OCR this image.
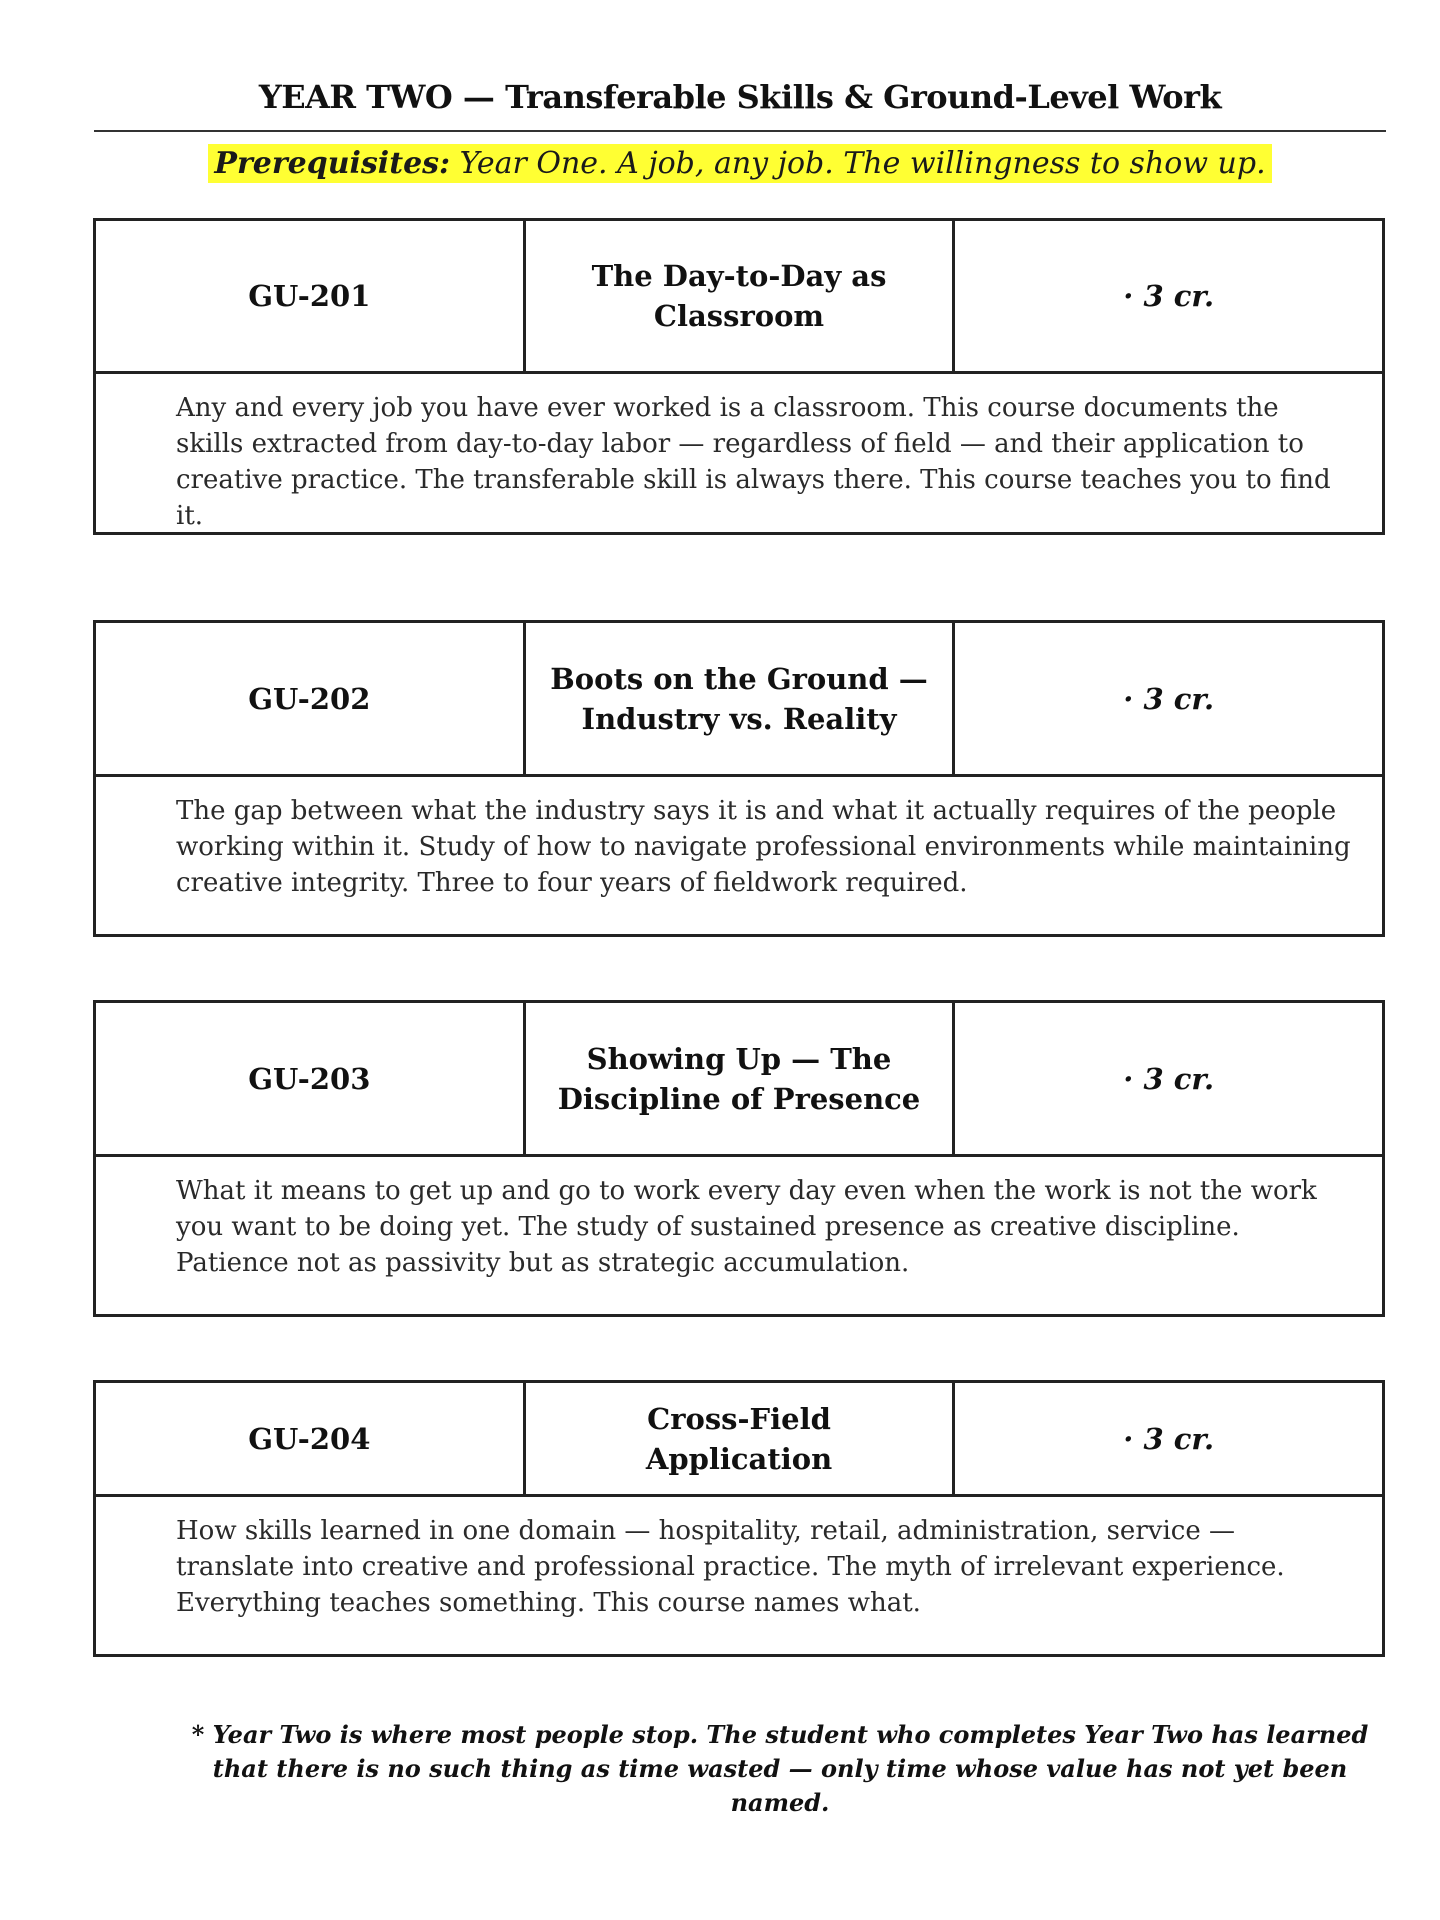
YEAR TWO — Transferable Skills & Ground-Level Work
Prerequisites: Year One. A job, any job. The willingness to show up.
GU-201
The Day-to-Day as Classroom
· 3 cr.
Any and every job you have ever worked is a classroom. This course documents the skills extracted from day-to-day labor — regardless of field — and their application to creative practice. The transferable skill is always there. This course teaches you to find it.
GU-202
Boots on the Ground — Industry vs. Reality
· 3 cr.
The gap between what the industry says it is and what it actually requires of the people working within it. Study of how to navigate professional environments while maintaining creative integrity. Three to four years of fieldwork required.
GU-203
Showing Up — The Discipline of Presence
· 3 cr.
What it means to get up and go to work every day even when the work is not the work you want to be doing yet. The study of sustained presence as creative discipline. Patience not as passivity but as strategic accumulation.
GU-204
Cross-Field Application
· 3 cr.
How skills learned in one domain — hospitality, retail, administration, service — translate into creative and professional practice. The myth of irrelevant experience. Everything teaches something. This course names what.
* Year Two is where most people stop. The student who completes Year Two has learned that there is no such thing as time wasted — only time whose value has not yet been named.
